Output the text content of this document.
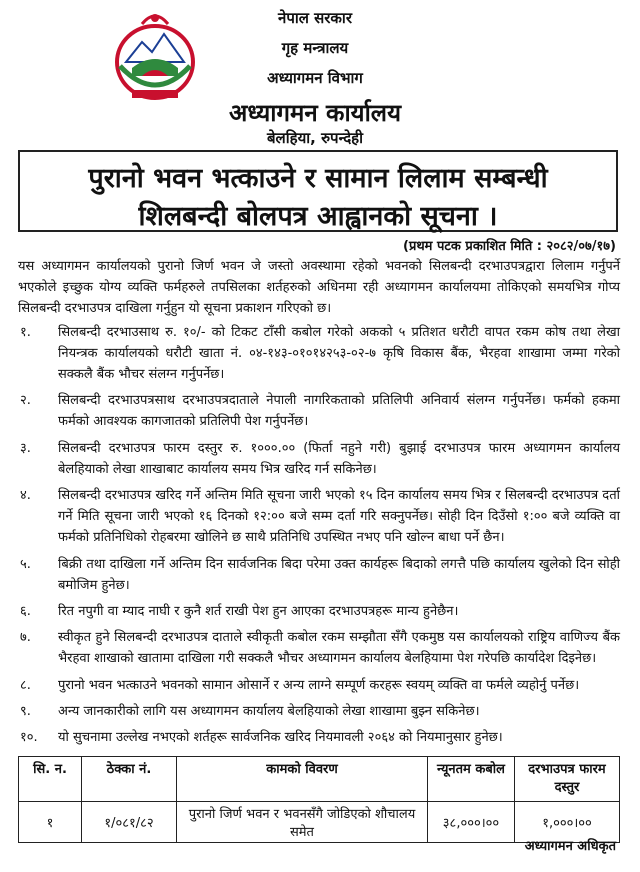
नेपाल सरकार
गृह मन्त्रालय
अध्यागमन विभाग
अध्यागमन कार्यालय
बेलहिया, रुपन्देही
पुरानो भवन भत्काउने र सामान लिलाम सम्बन्धी
शिलबन्दी बोलपत्र आह्वानको सूचना ।
(प्रथम पटक प्रकाशित मिति : २०८२/०७/१७)

यस अध्यागमन कार्यालयको पुरानो जिर्ण भवन जे जस्तो अवस्थामा रहेको भवनको सिलबन्दी दरभाउपत्रद्वारा लिलाम गर्नुपर्ने भएकोले इच्छुक योग्य व्यक्ति फर्महरुले तपसिलका शर्तहरुको अधिनमा रही अध्यागमन कार्यालयमा तोकिएको समयभित्र गोप्य सिलबन्दी दरभाउपत्र दाखिला गर्नुहुन यो सूचना प्रकाशन गरिएको छ।

१.	सिलबन्दी दरभाउसाथ रु. १०/- को टिकट टाँसी कबोल गरेको अकको ५ प्रतिशत धरौटी वापत रकम कोष तथा लेखा नियन्त्रक कार्यालयको धरौटी खाता नं. ०४-१४३-०१०१४२५३-०२-७ कृषि विकास बैंक, भैरहवा शाखामा जम्मा गरेको सक्कलै बैंक भौचर संलग्न गर्नुपर्नेछ।
२.	सिलबन्दी दरभाउपत्रसाथ दरभाउपत्रदाताले नेपाली नागरिकताको प्रतिलिपी अनिवार्य संलग्न गर्नुपर्नेछ। फर्मको हकमा फर्मको आवश्यक कागजातको प्रतिलिपी पेश गर्नुपर्नेछ।
३.	सिलबन्दी दरभाउपत्र फारम दस्तुर रु. १०००.०० (फिर्ता नहुने गरी) बुझाई दरभाउपत्र फारम अध्यागमन कार्यालय बेलहियाको लेखा शाखाबाट कार्यालय समय भित्र खरिद गर्न सकिनेछ।
४.	सिलबन्दी दरभाउपत्र खरिद गर्ने अन्तिम मिति सूचना जारी भएको १५ दिन कार्यालय समय भित्र र सिलबन्दी दरभाउपत्र दर्ता गर्ने मिति सूचना जारी भएको १६ दिनको १२:०० बजे सम्म दर्ता गरि सक्नुपर्नेछ। सोही दिन दिउँसो १:०० बजे व्यक्ति वा फर्मको प्रतिनिधिको रोहबरमा खोलिने छ साथै प्रतिनिधि उपस्थित नभए पनि खोल्न बाधा पर्ने छैन।
५.	बिक्री तथा दाखिला गर्ने अन्तिम दिन सार्वजनिक बिदा परेमा उक्त कार्यहरू बिदाको लगत्तै पछि कार्यालय खुलेको दिन सोही बमोजिम हुनेछ।
६.	रित नपुगी वा म्याद नाघी र कुनै शर्त राखी पेश हुन आएका दरभाउपत्रहरू मान्य हुनेछैन।
७.	स्वीकृत हुने सिलबन्दी दरभाउपत्र दाताले स्वीकृती कबोल रकम सम्झौता सँगै एकमुष्ठ यस कार्यालयको राष्ट्रिय वाणिज्य बैंक भैरहवा शाखाको खातामा दाखिला गरी सक्कलै भौचर अध्यागमन कार्यालय बेलहियामा पेश गरेपछि कार्यादेश दिइनेछ।
८.	पुरानो भवन भत्काउने भवनको सामान ओसार्ने र अन्य लाग्ने सम्पूर्ण करहरू स्वयम् व्यक्ति वा फर्मले व्यहोर्नु पर्नेछ।
९.	अन्य जानकारीको लागि यस अध्यागमन कार्यालय बेलहियाको लेखा शाखामा बुझ्न सकिनेछ।
१०.	यो सुचनामा उल्लेख नभएको शर्तहरू सार्वजनिक खरिद नियमावली २०६४ को नियमानुसार हुनेछ।
सि. न.	ठेक्का नं.	कामको विवरण	न्यूनतम कबोल	दरभाउपत्र फारम दस्तुर
१	१/०८१/८२	पुरानो जिर्ण भवन र भवनसँगै जोडिएको शौचालय समेत	३८,०००।००	१,०००।००
अध्यागमन अधिकृत
